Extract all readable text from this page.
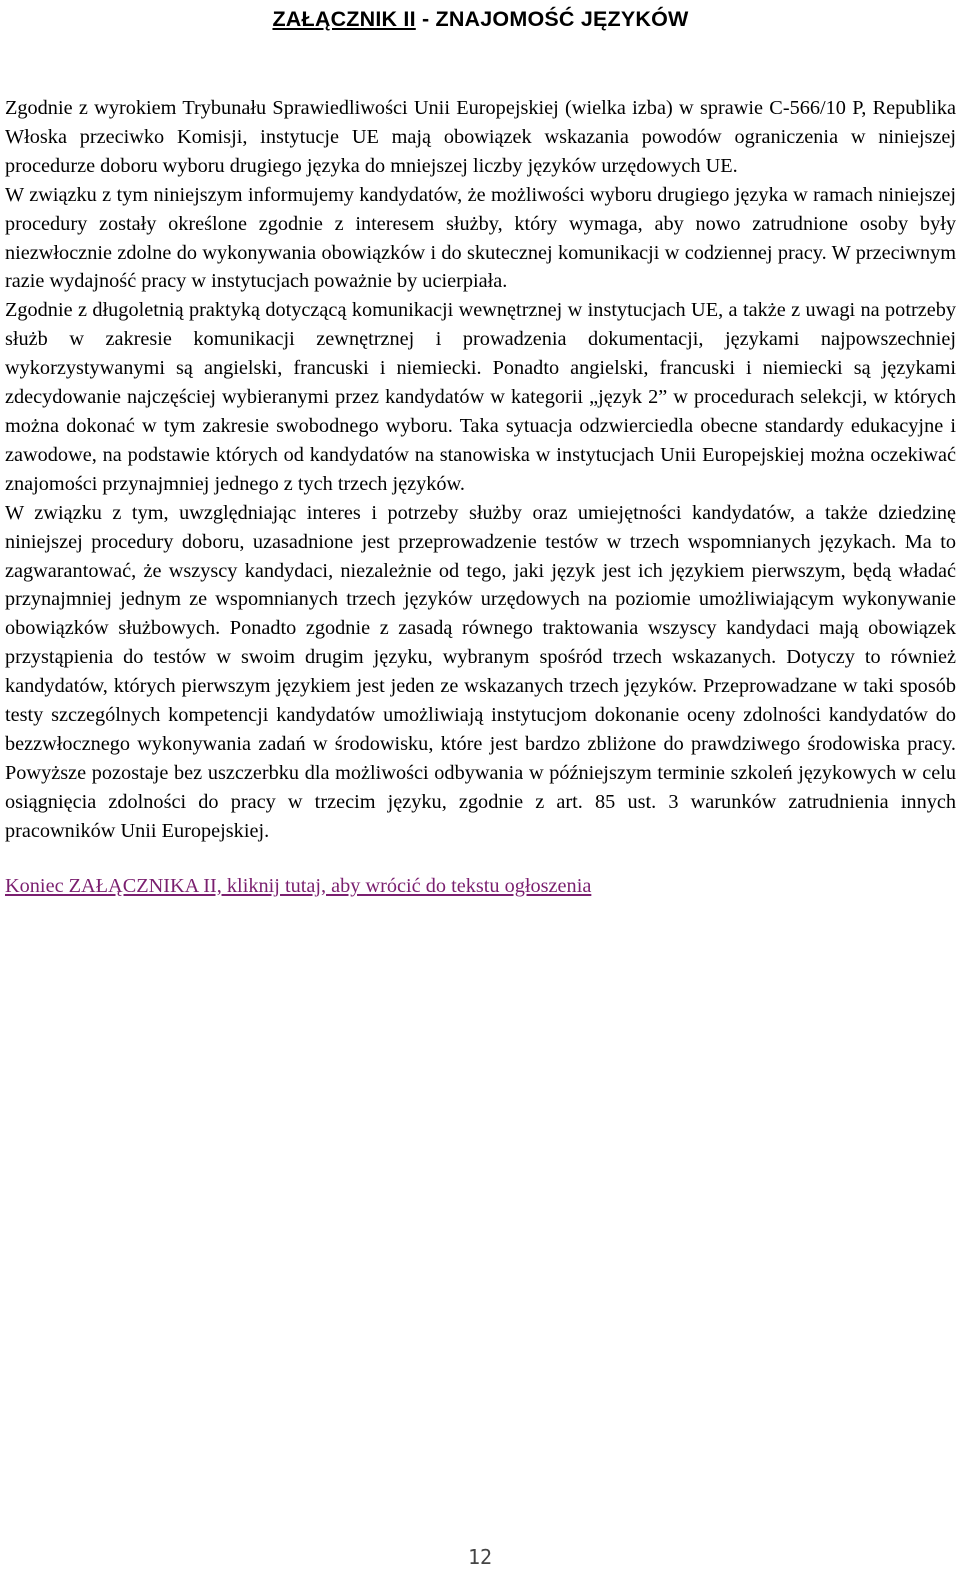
ZAŁĄCZNIK II - ZNAJOMOŚĆ JĘZYKÓW

Zgodnie z wyrokiem Trybunału Sprawiedliwości Unii Europejskiej (wielka izba) w sprawie C-566/10 P, Republika Włoska przeciwko Komisji, instytucje UE mają obowiązek wskazania powodów ograniczenia w niniejszej procedurze doboru wyboru drugiego języka do mniejszej liczby języków urzędowych UE.

W związku z tym niniejszym informujemy kandydatów, że możliwości wyboru drugiego języka w ramach niniejszej procedury zostały określone zgodnie z interesem służby, który wymaga, aby nowo zatrudnione osoby były niezwłocznie zdolne do wykonywania obowiązków i do skutecznej komunikacji w codziennej pracy. W przeciwnym razie wydajność pracy w instytucjach poważnie by ucierpiała.

Zgodnie z długoletnią praktyką dotyczącą komunikacji wewnętrznej w instytucjach UE, a także z uwagi na potrzeby służb w zakresie komunikacji zewnętrznej i prowadzenia dokumentacji, językami najpowszechniej wykorzystywanymi są angielski, francuski i niemiecki. Ponadto angielski, francuski i niemiecki są językami zdecydowanie najczęściej wybieranymi przez kandydatów w kategorii „język 2” w procedurach selekcji, w których można dokonać w tym zakresie swobodnego wyboru. Taka sytuacja odzwierciedla obecne standardy edukacyjne i zawodowe, na podstawie których od kandydatów na stanowiska w instytucjach Unii Europejskiej można oczekiwać znajomości przynajmniej jednego z tych trzech języków.

W związku z tym, uwzględniając interes i potrzeby służby oraz umiejętności kandydatów, a także dziedzinę niniejszej procedury doboru, uzasadnione jest przeprowadzenie testów w trzech wspomnianych językach. Ma to zagwarantować, że wszyscy kandydaci, niezależnie od tego, jaki język jest ich językiem pierwszym, będą władać przynajmniej jednym ze wspomnianych trzech języków urzędowych na poziomie umożliwiającym wykonywanie obowiązków służbowych. Ponadto zgodnie z zasadą równego traktowania wszyscy kandydaci mają obowiązek przystąpienia do testów w swoim drugim języku, wybranym spośród trzech wskazanych. Dotyczy to również kandydatów, których pierwszym językiem jest jeden ze wskazanych trzech języków. Przeprowadzane w taki sposób testy szczególnych kompetencji kandydatów umożliwiają instytucjom dokonanie oceny zdolności kandydatów do bezzwłocznego wykonywania zadań w środowisku, które jest bardzo zbliżone do prawdziwego środowiska pracy. Powyższe pozostaje bez uszczerbku dla możliwości odbywania w późniejszym terminie szkoleń językowych w celu osiągnięcia zdolności do pracy w trzecim języku, zgodnie z art. 85 ust. 3 warunków zatrudnienia innych pracowników Unii Europejskiej.

Koniec ZAŁĄCZNIKA II, kliknij tutaj, aby wrócić do tekstu ogłoszenia

12
